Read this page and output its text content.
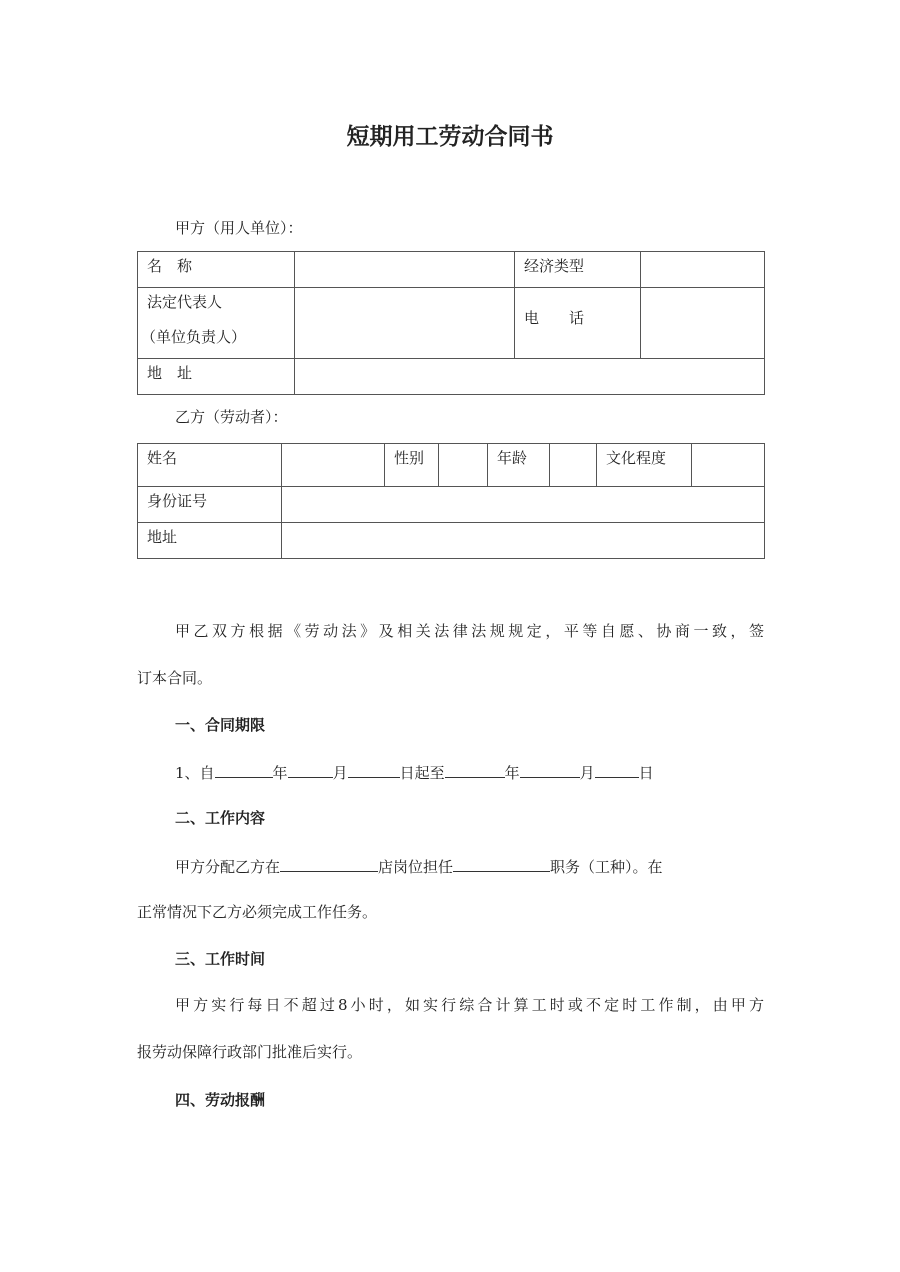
短期用工劳动合同书
甲方（用人单位）：
名　称		经济类型	

法定代表人
（单位负责人）		电　　话	
地　址			
乙方（劳动者）：
姓名		性别		年龄		文化程度	
身份证号							
地址							
甲乙双方根据《劳动法》及相关法律法规规定，平等自愿、协商一致，签
订本合同。
一、合同期限
1、自	年	月	日起至	年	月	日
二、工作内容
甲方分配乙方在	店岗位担任	职务（工种）。在
正常情况下乙方必须完成工作任务。
三、工作时间
甲方实行每日不超过8小时，如实行综合计算工时或不定时工作制，由甲方
报劳动保障行政部门批准后实行。
四、劳动报酬
